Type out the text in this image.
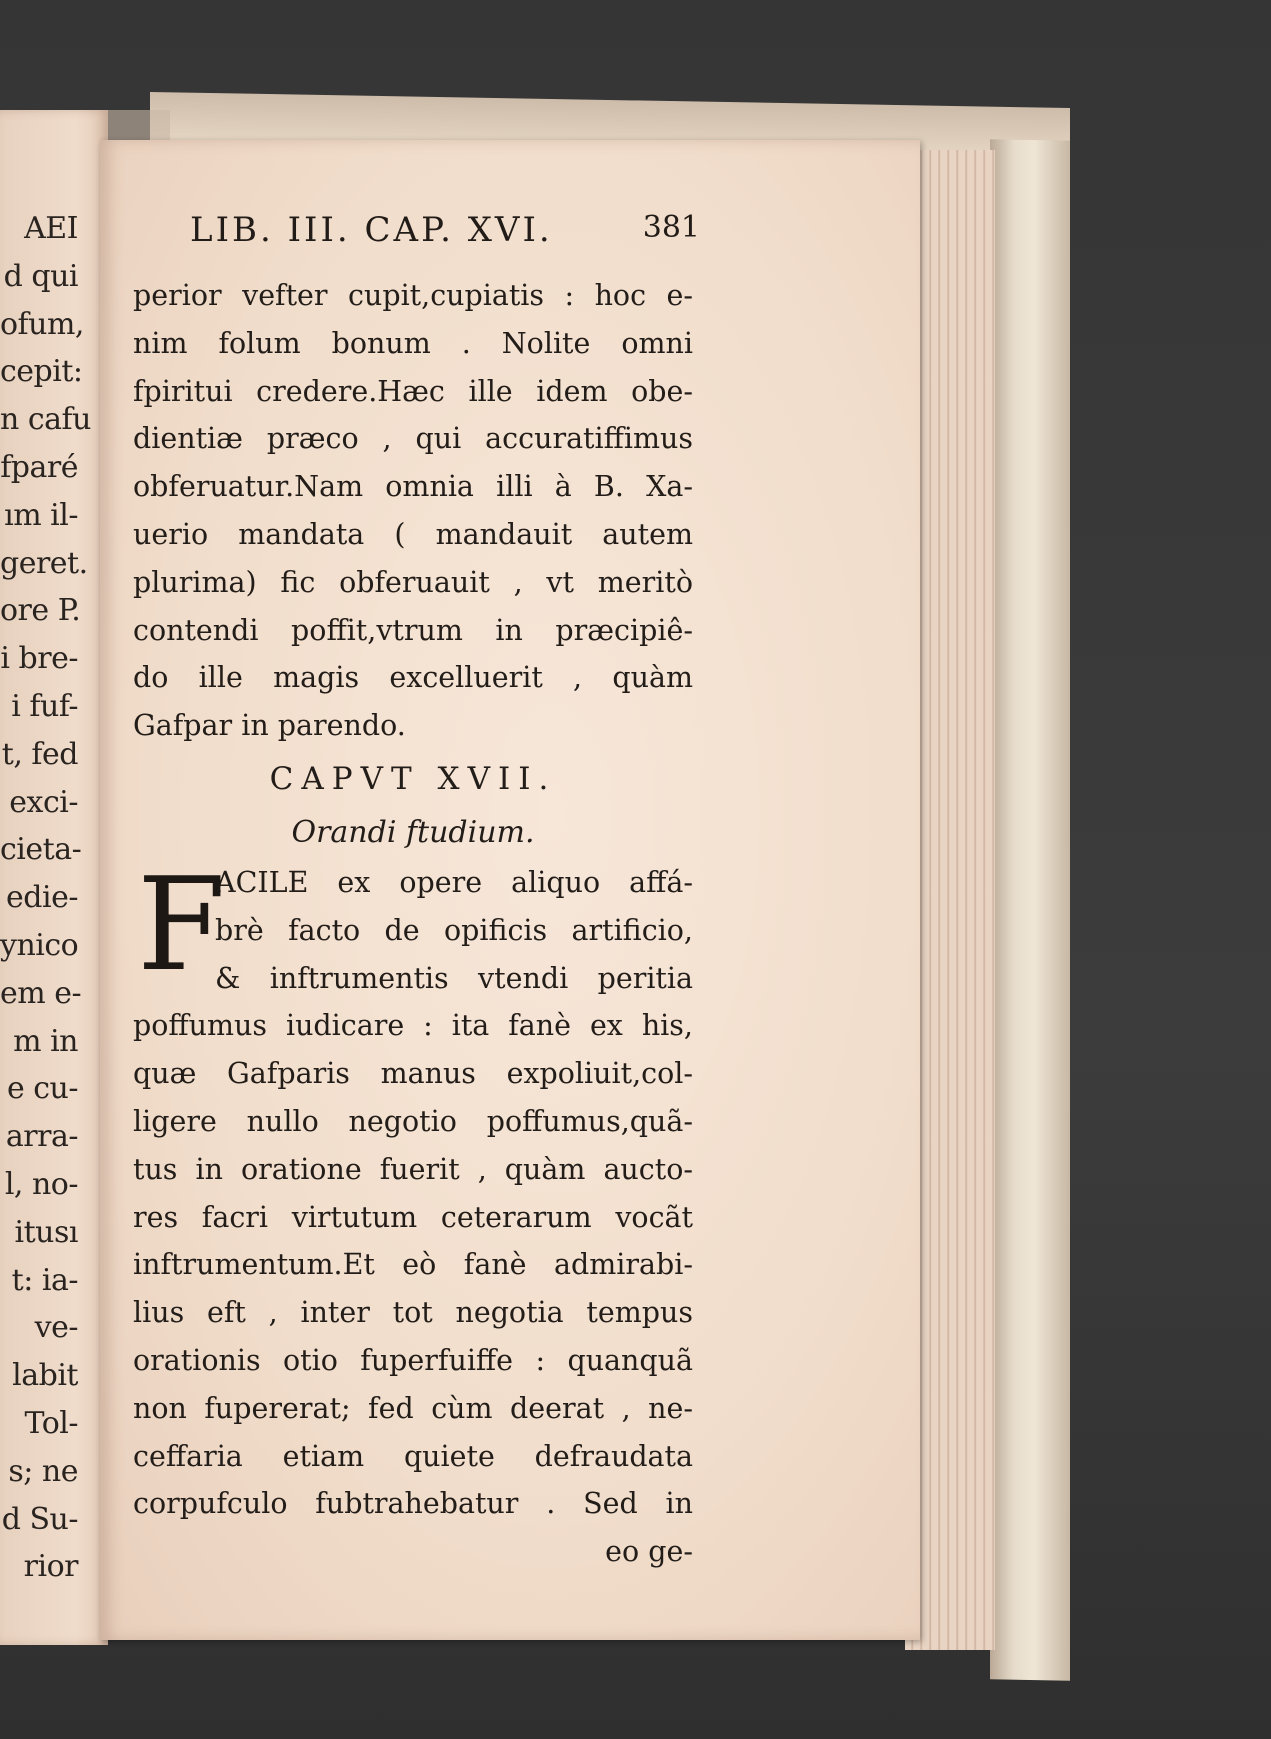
AEI
d qui
ofum,
cepit:
n cafu
fparé
ım il-
geret.
ore P.
i bre-
i fuf-
t, fed
exci-
cieta-
edie-
ynico
em e-
m in
e cu-
arra-
l, no-
itusı
t: ia-
ve-
labit
Tol-
s; ne
d Su-
rior

LIB. III. CAP. XVI.	381
perior vefter cupit,cupiatis : hoc e-
nim folum bonum . Nolite omni
fpiritui credere.Hæc ille idem obe-
dientiæ præco , qui accuratiffimus
obferuatur.Nam omnia illi à B. Xa-
uerio mandata ( mandauit autem
plurima) fic obferuauit , vt meritò
contendi poffit,vtrum in præcipiê-
do ille magis excelluerit , quàm
Gafpar in parendo.
CAPVT XVII.
Orandi ftudium.
F
ACILE ex opere aliquo affá-
brè facto de opificis artificio,
& inftrumentis vtendi peritia
poffumus iudicare : ita fanè ex his,
quæ Gafparis manus expoliuit,col-
ligere nullo negotio poffumus,quã-
tus in oratione fuerit , quàm aucto-
res facri virtutum ceterarum vocãt
inftrumentum.Et eò fanè admirabi-
lius eft , inter tot negotia tempus
orationis otio fuperfuiffe : quanquã
non fupererat; fed cùm deerat , ne-
ceffaria etiam quiete defraudata
corpufculo fubtrahebatur . Sed in
eo ge-
